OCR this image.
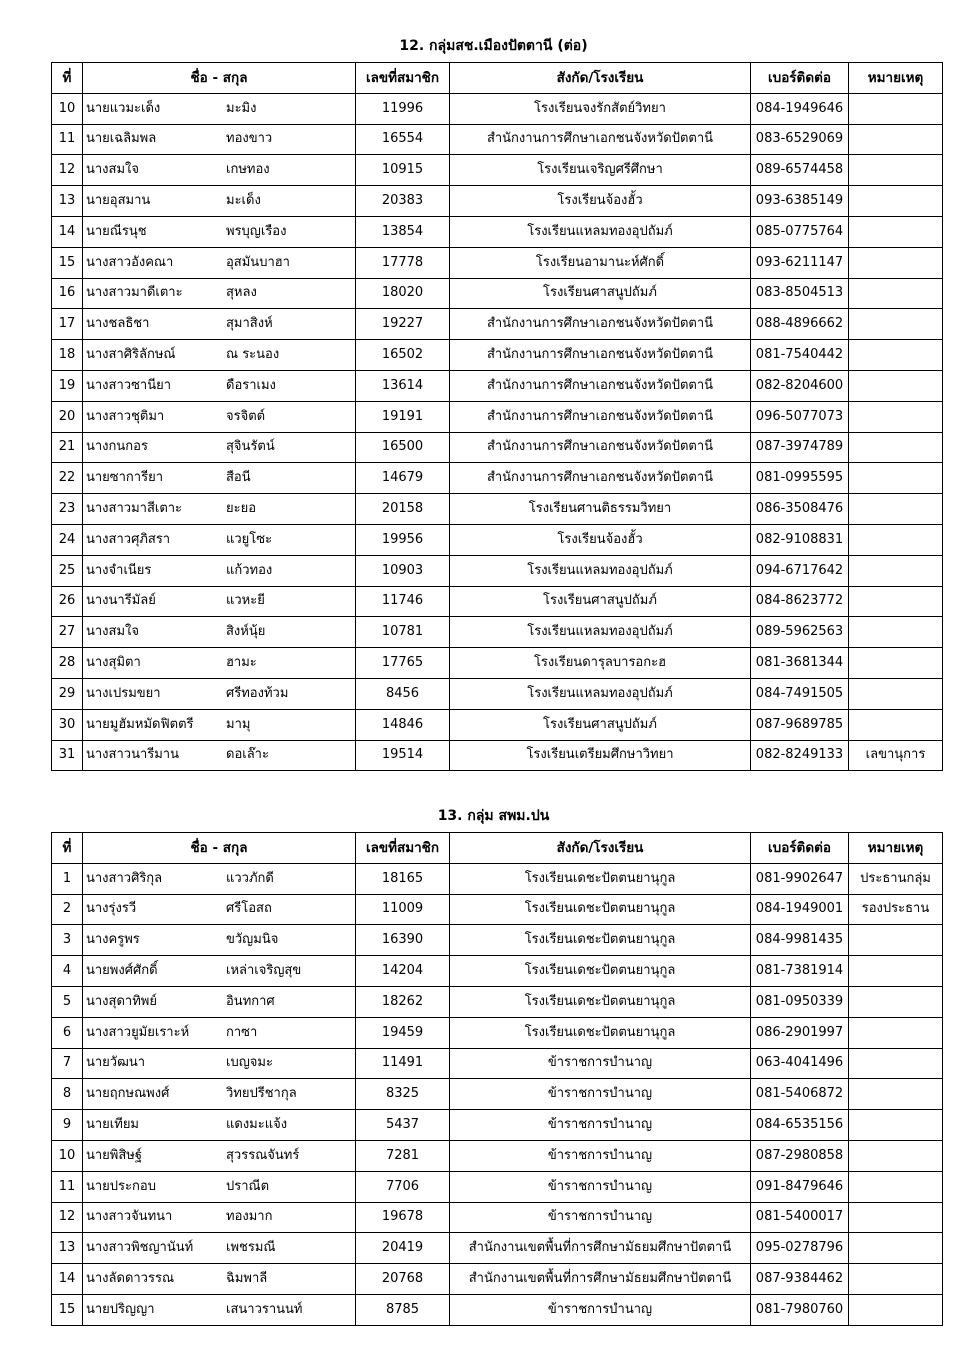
12. กลุ่มสช.เมืองปัตตานี (ต่อ)
ที่	ชื่อ - สกุล	เลขที่สมาชิก	สังกัด/โรงเรียน	เบอร์ติดต่อ	หมายเหตุ
10	นายแวมะเด็ง มะมิง	11996	โรงเรียนจงรักสัตย์วิทยา	084-1949646	
11	นายเฉลิมพล ทองขาว	16554	สำนักงานการศึกษาเอกชนจังหวัดปัตตานี	083-6529069	
12	นางสมใจ เกษทอง	10915	โรงเรียนเจริญศรีศึกษา	089-6574458	
13	นายอุสมาน มะเด็ง	20383	โรงเรียนจ้องฮั้ว	093-6385149	
14	นายณีรนุช พรบุญเรือง	13854	โรงเรียนแหลมทองอุปถัมภ์	085-0775764	
15	นางสาวอังคณา อุสมันบาฮา	17778	โรงเรียนอามานะห์ศักดิ์	093-6211147	
16	นางสาวมาดีเตาะ สุหลง	18020	โรงเรียนศาสนูปถัมภ์	083-8504513	
17	นางชลธิชา สุมาสิงห์	19227	สำนักงานการศึกษาเอกชนจังหวัดปัตตานี	088-4896662	
18	นางสาศิริลักษณ์ ณ ระนอง	16502	สำนักงานการศึกษาเอกชนจังหวัดปัตตานี	081-7540442	
19	นางสาวซานียา ดือราเมง	13614	สำนักงานการศึกษาเอกชนจังหวัดปัตตานี	082-8204600	
20	นางสาวชุติมา จรจิตต์	19191	สำนักงานการศึกษาเอกชนจังหวัดปัตตานี	096-5077073	
21	นางกนกอร สุจินรัตน์	16500	สำนักงานการศึกษาเอกชนจังหวัดปัตตานี	087-3974789	
22	นายซาการียา สือนี	14679	สำนักงานการศึกษาเอกชนจังหวัดปัตตานี	081-0995595	
23	นางสาวมาสีเตาะ ยะยอ	20158	โรงเรียนศานติธรรมวิทยา	086-3508476	
24	นางสาวศุภิสรา แวยูโซะ	19956	โรงเรียนจ้องฮั้ว	082-9108831	
25	นางจำเนียร แก้วทอง	10903	โรงเรียนแหลมทองอุปถัมภ์	094-6717642	
26	นางนารีมัลย์ แวหะยี	11746	โรงเรียนศาสนูปถัมภ์	084-8623772	
27	นางสมใจ สิงห์นุ้ย	10781	โรงเรียนแหลมทองอุปถัมภ์	089-5962563	
28	นางสุมิตา ฮามะ	17765	โรงเรียนดารุลบารอกะฮ	081-3681344	
29	นางเปรมขยา ศรีทองท้วม	8456	โรงเรียนแหลมทองอุปถัมภ์	084-7491505	
30	นายมูฮัมหมัดฟิตตรี มามุ	14846	โรงเรียนศาสนูปถัมภ์	087-9689785	
31	นางสาวนารีมาน ดอเล๊าะ	19514	โรงเรียนเตรียมศึกษาวิทยา	082-8249133	เลขานุการ
13. กลุ่ม สพม.ปน
ที่	ชื่อ - สกุล	เลขที่สมาชิก	สังกัด/โรงเรียน	เบอร์ติดต่อ	หมายเหตุ
1	นางสาวศิริกุล แววภักดี	18165	โรงเรียนเดชะปัตตนยานุกูล	081-9902647	ประธานกลุ่ม
2	นางรุ่งรวี ศรีโอสถ	11009	โรงเรียนเดชะปัตตนยานุกูล	084-1949001	รองประธาน
3	นางครูพร ขวัญมนิจ	16390	โรงเรียนเดชะปัตตนยานุกูล	084-9981435	
4	นายพงศ์ศักดิ์ เหล่าเจริญสุข	14204	โรงเรียนเดชะปัตตนยานุกูล	081-7381914	
5	นางสุดาทิพย์ อินทกาศ	18262	โรงเรียนเดชะปัตตนยานุกูล	081-0950339	
6	นางสาวยูมัยเราะห์ กาซา	19459	โรงเรียนเดชะปัตตนยานุกูล	086-2901997	
7	นายวัฒนา เบญจมะ	11491	ข้าราชการบำนาญ	063-4041496	
8	นายฤกษณพงศ์ วิทยปรีชากุล	8325	ข้าราชการบำนาญ	081-5406872	
9	นายเทียม แดงมะแจ้ง	5437	ข้าราชการบำนาญ	084-6535156	
10	นายพิสิษฐ์ สุวรรณจันทร์	7281	ข้าราชการบำนาญ	087-2980858	
11	นายประกอบ ปราณีต	7706	ข้าราชการบำนาญ	091-8479646	
12	นางสาวจันทนา ทองมาก	19678	ข้าราชการบำนาญ	081-5400017	
13	นางสาวพิชญานันท์ เพชรมณี	20419	สำนักงานเขตพื้นที่การศึกษามัธยมศึกษาปัตตานี	095-0278796	
14	นางลัดดาวรรณ ฉิมพาลี	20768	สำนักงานเขตพื้นที่การศึกษามัธยมศึกษาปัตตานี	087-9384462	
15	นายปริญญา เสนาวรานนท์	8785	ข้าราชการบำนาญ	081-7980760	
